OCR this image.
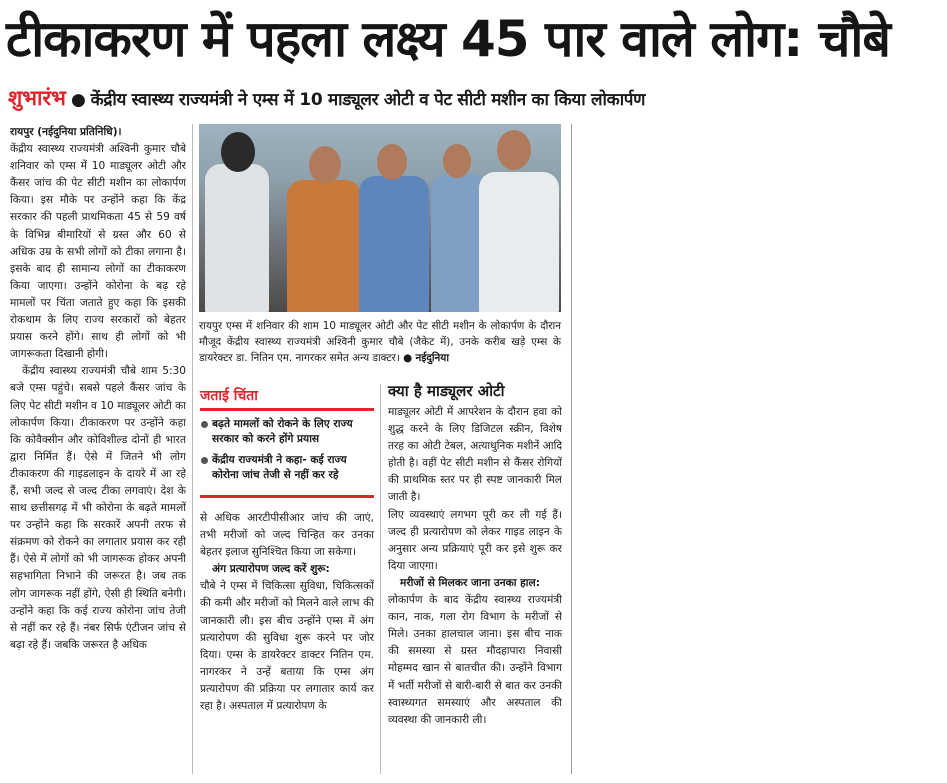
टीकाकरण में पहला लक्ष्य 45 पार वाले लोग: चौबे
शुभारंभ ● केंद्रीय स्वास्थ्य राज्यमंत्री ने एम्स में 10 माड्यूलर ओटी व पेट सीटी मशीन का किया लोकार्पण

रायपुर (नईदुनिया प्रतिनिधि)।

केंद्रीय स्वास्थ्य राज्यमंत्री अश्विनी कुमार चौबे शनिवार को एम्स में 10 माड्यूलर ओटी और कैंसर जांच की पेट सीटी मशीन का लोकार्पण किया। इस मौके पर उन्होंने कहा कि केंद्र सरकार की पहली प्राथमिकता 45 से 59 वर्ष के विभिन्न बीमारियों से ग्रस्त और 60 से अधिक उम्र के सभी लोगों को टीका लगाना है। इसके बाद ही सामान्य लोगों का टीकाकरण किया जाएगा। उन्होंने कोरोना के बढ़ रहे मामलों पर चिंता जताते हुए कहा कि इसकी रोकथाम के लिए राज्य सरकारों को बेहतर प्रयास करने होंगे। साथ ही लोगों को भी जागरूकता दिखानी होगी।

केंद्रीय स्वास्थ्य राज्यमंत्री चौबे शाम 5:30 बजे एम्स पहुंचे। सबसे पहले कैंसर जांच के लिए पेट सीटी मशीन व 10 माड्यूलर ओटी का लोकार्पण किया। टीकाकरण पर उन्होंने कहा कि कोवैक्सीन और कोविशील्ड दोनों ही भारत द्वारा निर्मित हैं। ऐसे में जितने भी लोग टीकाकरण की गाइडलाइन के दायरे में आ रहे हैं, सभी जल्द से जल्द टीका लगवाएं। देश के साथ छत्तीसगढ़ में भी कोरोना के बढ़ते मामलों पर उन्होंने कहा कि सरकारें अपनी तरफ से संक्रमण को रोकने का लगातार प्रयास कर रही हैं। ऐसे में लोगों को भी जागरूक होकर अपनी सहभागिता निभाने की जरूरत है। जब तक लोग जागरूक नहीं होंगे, ऐसी ही स्थिति बनेगी। उन्होंने कहा कि कई राज्य कोरोना जांच तेजी से नहीं कर रहे हैं। नंबर सिर्फ एंटीजन जांच से बढ़ा रहे हैं। जबकि जरूरत है अधिक

रायपुर एम्स में शनिवार की शाम 10 माड्यूलर ओटी और पेट सीटी मशीन के लोकार्पण के दौरान मौजूद केंद्रीय स्वास्थ्य राज्यमंत्री अश्विनी कुमार चौबे (जैकेट में), उनके करीब खड़े एम्स के डायरेक्टर डा. नितिन एम. नागरकर समेत अन्य डाक्टर। ● नईदुनिया
जताई चिंता
बढ़ते मामलों को रोकने के लिए राज्य सरकार को करने होंगे प्रयास
केंद्रीय राज्यमंत्री ने कहा- कई राज्य कोरोना जांच तेजी से नहीं कर रहे

से अधिक आरटीपीसीआर जांच की जाएं, तभी मरीजों को जल्द चिन्हित कर उनका बेहतर इलाज सुनिश्चित किया जा सकेगा।

अंग प्रत्यारोपण जल्द करें शुरू:

चौबे ने एम्स में चिकित्सा सुविधा, चिकित्सकों की कमी और मरीजों को मिलने वाले लाभ की जानकारी ली। इस बीच उन्होंने एम्स में अंग प्रत्यारोपण की सुविधा शुरू करने पर जोर दिया। एम्स के डायरेक्टर डाक्टर नितिन एम. नागरकर ने उन्हें बताया कि एम्स अंग प्रत्यारोपण की प्रक्रिया पर लगातार कार्य कर रहा है। अस्पताल में प्रत्यारोपण के

क्या है माड्यूलर ओटी

माड्यूलर ओटी में आपरेशन के दौरान हवा को शुद्ध करने के लिए डिजिटल स्क्रीन, विशेष तरह का ओटी टेबल, अत्याधुनिक मशीनें आदि होती है। वहीं पेट सीटी मशीन से कैंसर रोगियों की प्राथमिक स्तर पर ही स्पष्ट जानकारी मिल जाती है।

लिए व्यवस्थाएं लगभग पूरी कर ली गई हैं। जल्द ही प्रत्यारोपण को लेकर गाइड लाइन के अनुसार अन्य प्रक्रियाएं पूरी कर इसे शुरू कर दिया जाएगा।

मरीजों से मिलकर जाना उनका हाल:

लोकार्पण के बाद केंद्रीय स्वास्थ्य राज्यमंत्री कान, नाक, गला रोग विभाग के मरीजों से मिले। उनका हालचाल जाना। इस बीच नाक की समस्या से ग्रस्त मौदहापारा निवासी मोहम्मद खान से बातचीत की। उन्होंने विभाग में भर्ती मरीजों से बारी-बारी से बात कर उनकी स्वास्थ्यगत समस्याएं और अस्पताल की व्यवस्था की जानकारी ली।
